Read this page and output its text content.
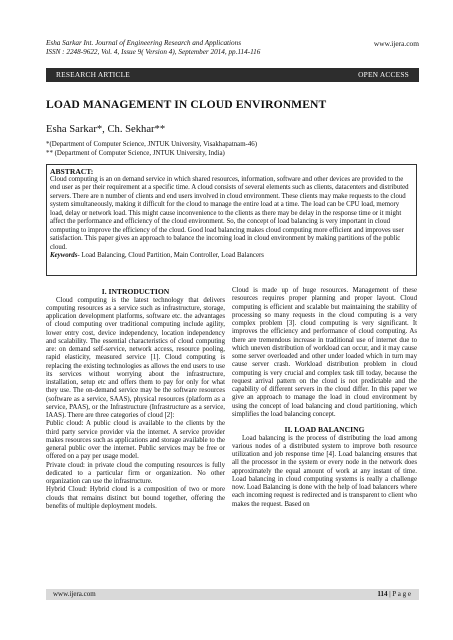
Esha Sarkar Int. Journal of Engineering Research and Applications
ISSN : 2248-9622, Vol. 4, Issue 9( Version 4), September 2014, pp.114-116
www.ijera.com
RESEARCH ARTICLE	OPEN ACCESS
LOAD MANAGEMENT IN CLOUD ENVIRONMENT
Esha Sarkar*, Ch. Sekhar**
*(Department of Computer Science, JNTUK University, Visakhapatnam-46)
** (Department of Computer Science, JNTUK University, India)
ABSTRACT:
Cloud computing is an on demand service in which shared resources, information, software and other devices are provided to the end user as per their requirement at a specific time. A cloud consists of several elements such as clients, datacenters and distributed servers. There are n number of clients and end users involved in cloud environment. These clients may make requests to the cloud system simultaneously, making it difficult for the cloud to manage the entire load at a time. The load can be CPU load, memory load, delay or network load. This might cause inconvenience to the clients as there may be delay in the response time or it might affect the performance and efficiency of the cloud environment. So, the concept of load balancing is very important in cloud computing to improve the efficiency of the cloud. Good load balancing makes cloud computing more efficient and improves user satisfaction. This paper gives an approach to balance the incoming load in cloud environment by making partitions of the public cloud.
Keywords- Load Balancing, Cloud Partition, Main Controller, Load Balancers
I. INTRODUCTION

Cloud computing is the latest technology that delivers computing resources as a service such as infrastructure, storage, application development platforms, software etc. the advantages of cloud computing over traditional computing include agility, lower entry cost, device independency, location independency and scalability. The essential characteristics of cloud computing are: on demand self-service, network access, resource pooling, rapid elasticity, measured service [1]. Cloud computing is replacing the existing technologies as allows the end users to use its services without worrying about the infrastructure, installation, setup etc and offers them to pay for only for what they use. The on-demand service may be the software resources (software as a service, SAAS), physical resources (platform as a service, PAAS), or the Infrastructure (Infrastructure as a service, IAAS). There are three categories of cloud [2]:

Public cloud: A public cloud is available to the clients by the third party service provider via the internet. A service provider makes resources such as applications and storage available to the general public over the internet. Public services may be free or offered on a pay per usage model.

Private cloud: in private cloud the computing resources is fully dedicated to a particular firm or organization. No other organization can use the infrastructure.

Hybrid Cloud: Hybrid cloud is a composition of two or more clouds that remains distinct but bound together, offering the benefits of multiple deployment models.

Cloud is made up of huge resources. Management of these resources requires proper planning and proper layout. Cloud computing is efficient and scalable but maintaining the stability of processing so many requests in the cloud computing is a very complex problem [3]. cloud computing is very significant. It improves the efficiency and performance of cloud computing. As there are tremendous increase in traditional use of internet due to which uneven distribution of workload can occur, and it may cause some server overloaded and other under loaded which in turn may cause server crash. Workload distribution problem in cloud computing is very crucial and complex task till today, because the request arrival pattern on the cloud is not predictable and the capability of different servers in the cloud differ. In this paper we give an approach to manage the load in cloud environment by using the concept of load balancing and cloud partitioning, which simplifies the load balancing concept.

II. LOAD BALANCING

Load balancing is the process of distributing the load among various nodes of a distributed system to improve both resource utilization and job response time [4]. Load balancing ensures that all the processor in the system or every node in the network does approximately the equal amount of work at any instant of time. Load balancing in cloud computing systems is really a challenge now. Load Balancing is done with the help of load balancers where each incoming request is redirected and is transparent to client who makes the request. Based on

www.ijera.com	114 | P a g e
